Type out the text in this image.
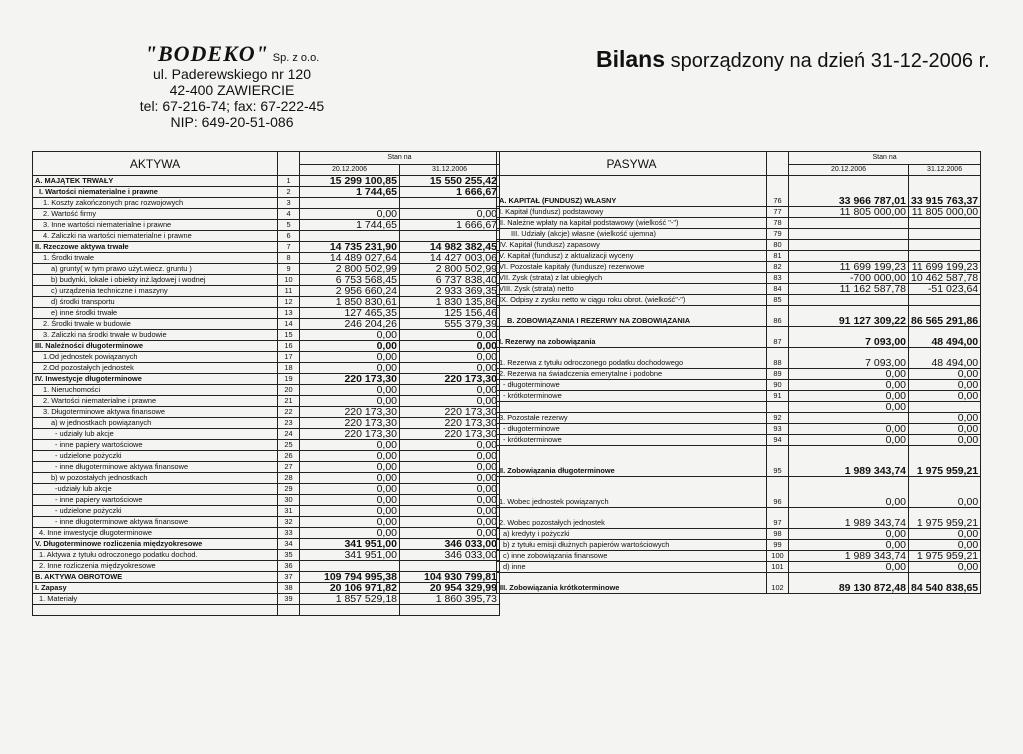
"BODEKO" Sp. z o.o.
ul. Paderewskiego nr 120
42-400 ZAWIERCIE
tel: 67-216-74; fax: 67-222-45
NIP: 649-20-51-086
Bilans sporządzony na dzień 31-12-2006 r.
AKTYWA		Stan na	
		20.12.2006	31.12.2006
A. MAJĄTEK TRWAŁY	1	15 299 100,85	15 550 255,42
I. Wartości niematerialne i prawne	2	1 744,65	1 666,67
1. Koszty zakończonych prac rozwojowych	3		
2. Wartość firmy	4	0,00	0,00
3. Inne wartości niematerialne i prawne	5	1 744,65	1 666,67
4. Zaliczki na wartości niematerialne i prawne	6		
II. Rzeczowe aktywa trwałe	7	14 735 231,90	14 982 382,45
1. Środki trwałe	8	14 489 027,64	14 427 003,06
a) grunty( w tym prawo użyt.wiecz. gruntu )	9	2 800 502,99	2 800 502,99
b) budynki, lokale i obiekty inż.lądowej i wodnej	10	6 753 568,45	6 737 838,40
c) urządzenia techniczne i maszyny	11	2 956 660,24	2 933 369,35
d) środki transportu	12	1 850 830,61	1 830 135,86
e) inne środki trwałe	13	127 465,35	125 156,46
2. Środki trwałe w budowie	14	246 204,26	555 379,39
3. Zaliczki na środki trwałe w budowie	15	0,00	0,00
III. Należności długoterminowe	16	0,00	0,00
1.Od jednostek powiązanych	17	0,00	0,00
2.Od pozostałych jednostek	18	0,00	0,00
IV. Inwestycje długoterminowe	19	220 173,30	220 173,30
1. Nieruchomości	20	0,00	0,00
2. Wartości niematerialne i prawne	21	0,00	0,00
3. Długoterminowe aktywa finansowe	22	220 173,30	220 173,30
a) w jednostkach powiązanych	23	220 173,30	220 173,30
- udziały lub akcje	24	220 173,30	220 173,30
- inne papiery wartościowe	25	0,00	0,00
- udzielone pożyczki	26	0,00	0,00
- inne długoterminowe aktywa finansowe	27	0,00	0,00
b) w pozostałych jednostkach	28	0,00	0,00
-udziały lub akcje	29	0,00	0,00
- inne papiery wartościowe	30	0,00	0,00
- udzielone pożyczki	31	0,00	0,00
- inne długoterminowe aktywa finansowe	32	0,00	0,00
4. Inne inwestycje długoterminowe	33	0,00	0,00
V. Długoterminowe rozliczenia międzyokresowe	34	341 951,00	346 033,00
1. Aktywa z tytułu odroczonego podatku dochod.	35	341 951,00	346 033,00
2. Inne rozliczenia międzyokresowe	36		
B. AKTYWA OBROTOWE	37	109 794 995,38	104 930 799,81
I. Zapasy	38	20 106 971,82	20 954 329,99
1. Materiały	39	1 857 529,18	1 860 395,73

PASYWA		Stan na	
		20.12.2006	31.12.2006
A. KAPITAŁ (FUNDUSZ) WŁASNY	76	33 966 787,01	33 915 763,37
I. Kapitał (fundusz) podstawowy	77	11 805 000,00	11 805 000,00
II. Należne wpłaty na kapitał podstawowy (wielkość "-")	78		
III. Udziały (akcje) własne (wielkość ujemna)	79		
IV. Kapitał (fundusz) zapasowy	80		
V. Kapitał (fundusz) z aktualizacji wyceny	81		
VI. Pozostałe kapitały (fundusze) rezerwowe	82	11 699 199,23	11 699 199,23
VII. Zysk (strata) z lat ubiegłych	83	-700 000,00	10 462 587,78
VIII. Zysk (strata) netto	84	11 162 587,78	-51 023,64
IX. Odpisy z zysku netto w ciągu roku obrot. (wielkość"-")	85		
B. ZOBOWIĄZANIA I REZERWY NA ZOBOWIĄZANIA	86	91 127 309,22	86 565 291,86
I. Rezerwy na zobowiązania	87	7 093,00	48 494,00
1. Rezerwa z tytułu odroczonego podatku dochodowego	88	7 093,00	48 494,00
2. Rezerwa na świadczenia emerytalne i podobne	89	0,00	0,00
- długoterminowe	90	0,00	0,00
- krótkoterminowe	91	0,00	0,00
		0,00	
3. Pozostałe rezerwy	92		0,00
- długoterminowe	93	0,00	0,00
- krótkoterminowe	94	0,00	0,00
II. Zobowiązania długoterminowe	95	1 989 343,74	1 975 959,21
1. Wobec jednostek powiązanych	96	0,00	0,00
2. Wobec pozostałych jednostek	97	1 989 343,74	1 975 959,21
a) kredyty i pożyczki	98	0,00	0,00
b) z tytułu emisji dłużnych papierów wartościowych	99	0,00	0,00
c) inne zobowiązania finansowe	100	1 989 343,74	1 975 959,21
d) inne	101	0,00	0,00
III. Zobowiązania krótkoterminowe	102	89 130 872,48	84 540 838,65
